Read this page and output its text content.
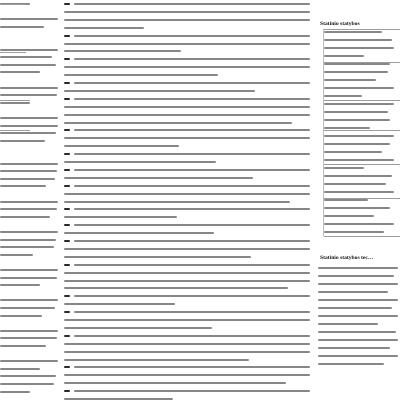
Statinio statybos
Statinio statybos tec…
